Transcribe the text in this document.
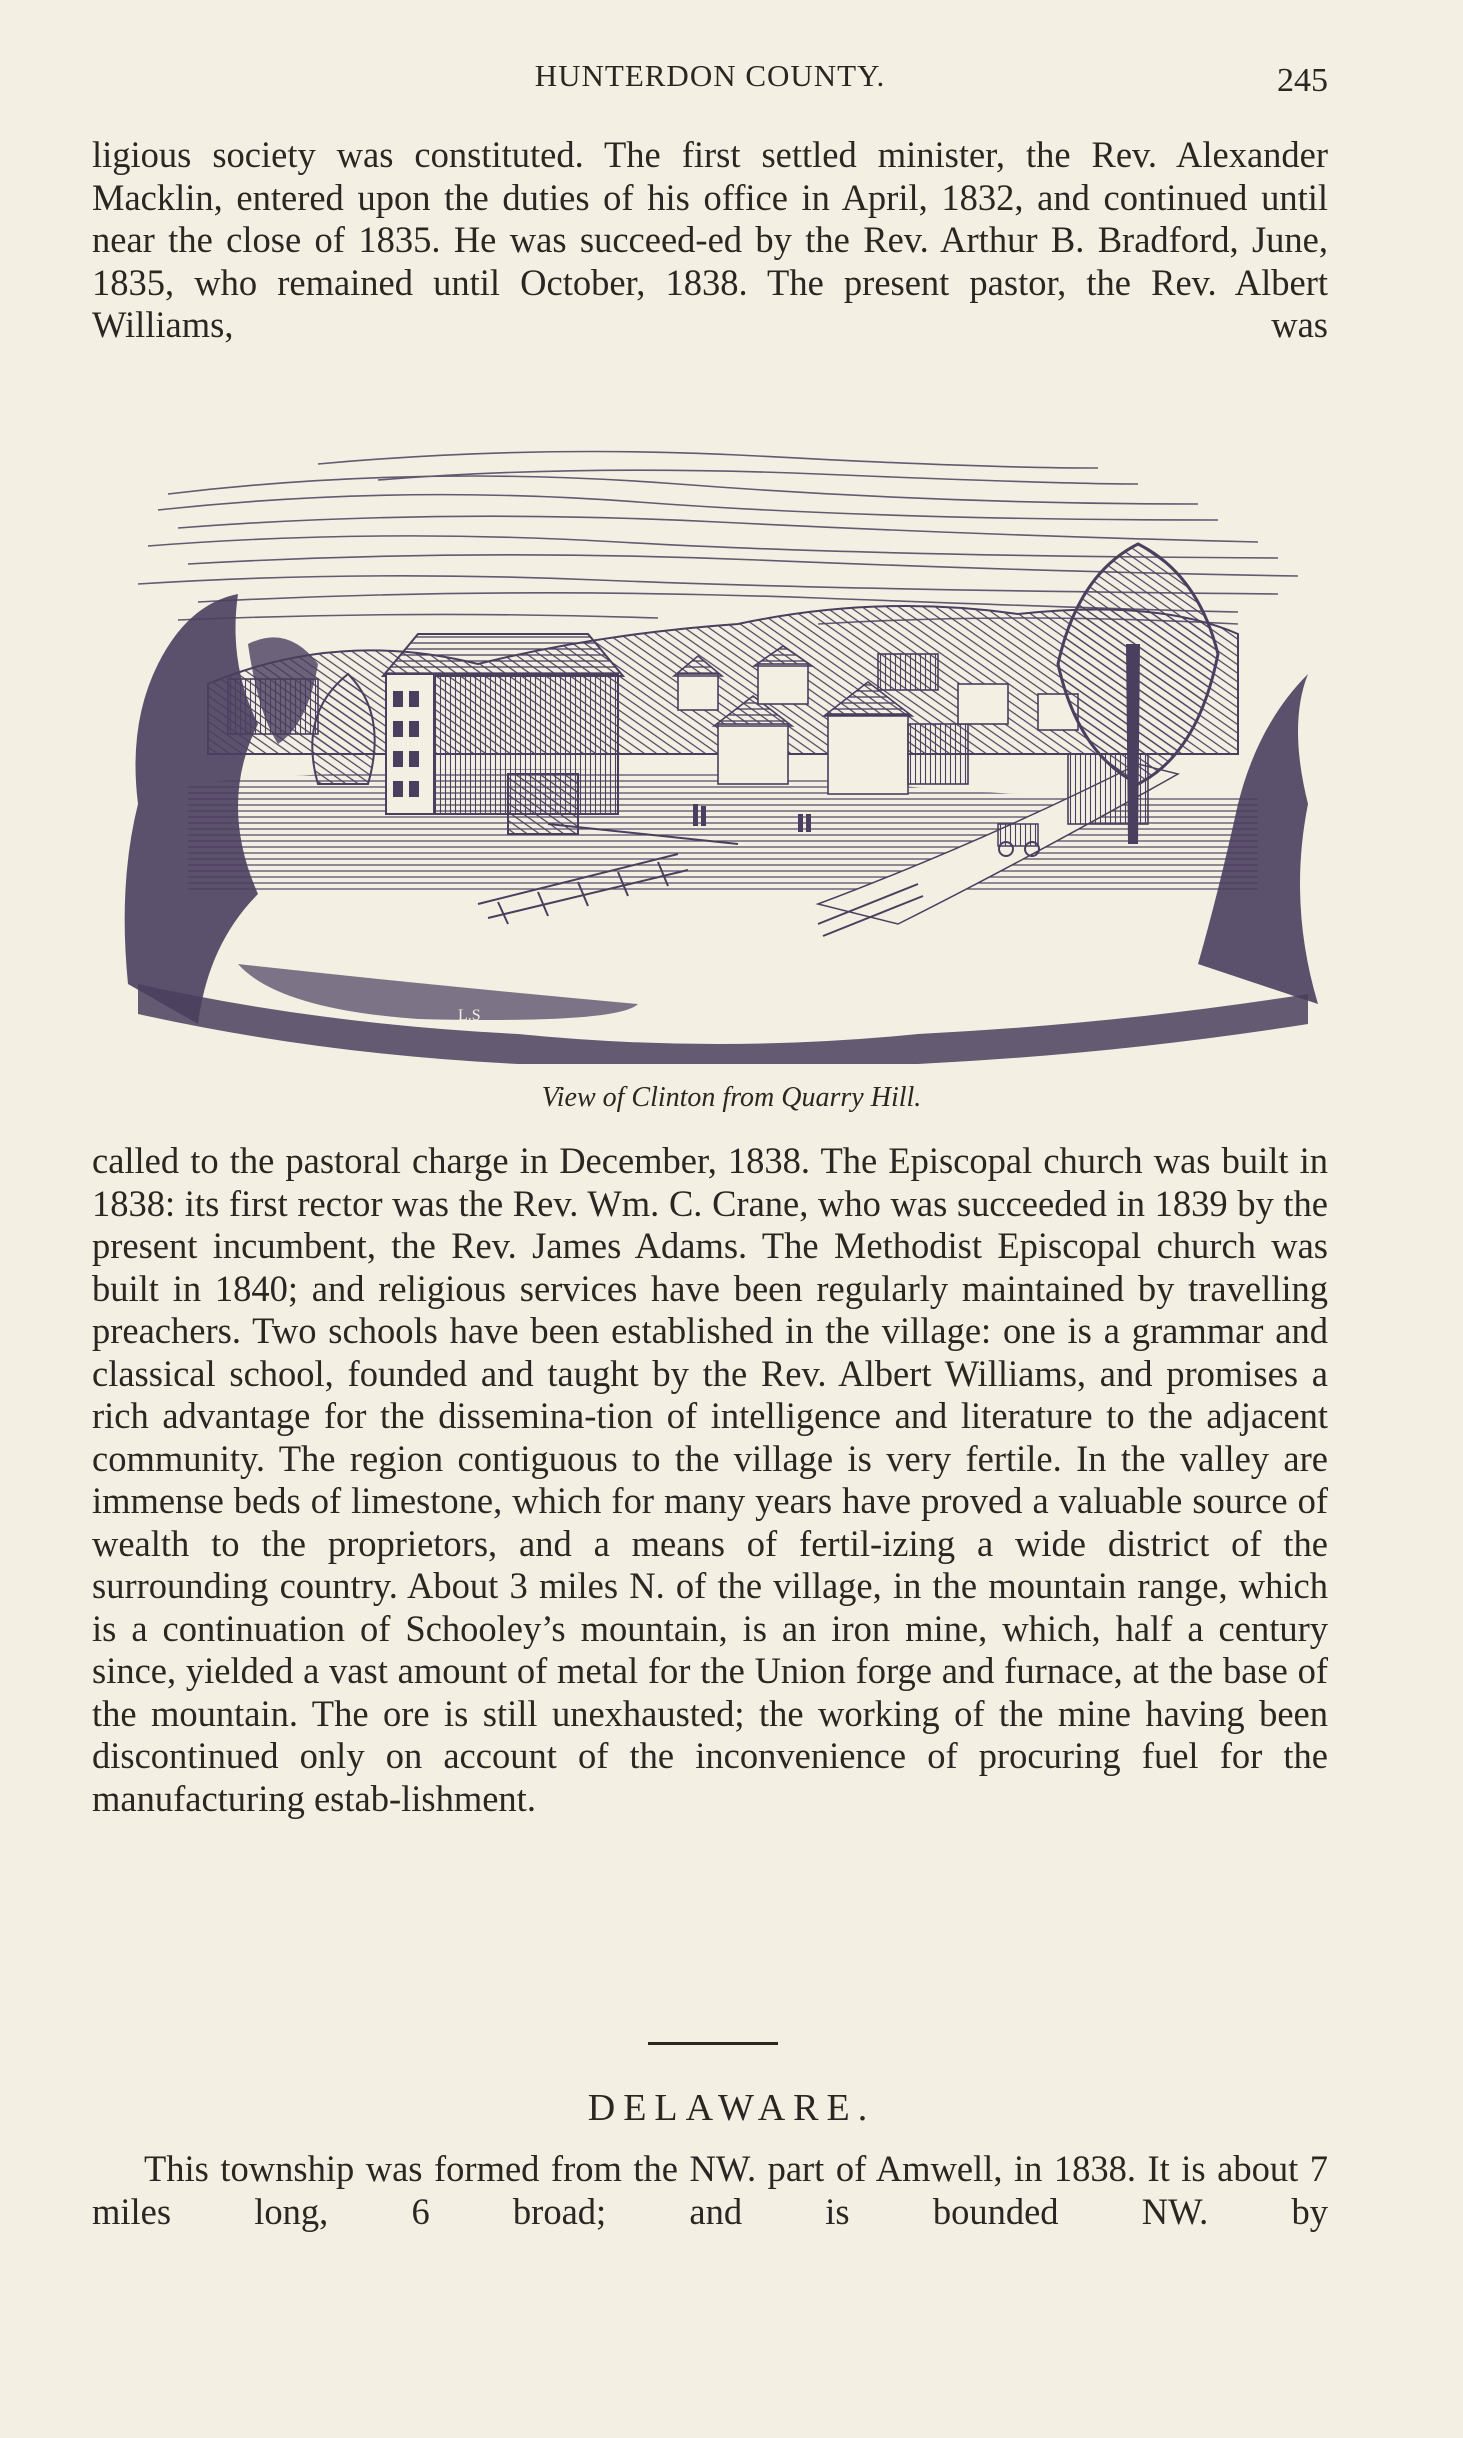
HUNTERDON COUNTY.	245

ligious society was constituted. The first settled minister, the Rev. Alexander Macklin, entered upon the duties of his office in April, 1832, and continued until near the close of 1835. He was succeed-ed by the Rev. Arthur B. Bradford, June, 1835, who remained until October, 1838. The present pastor, the Rev. Albert Williams, was

L.S
View of Clinton from Quarry Hill.

called to the pastoral charge in December, 1838. The Episcopal church was built in 1838: its first rector was the Rev. Wm. C. Crane, who was succeeded in 1839 by the present incumbent, the Rev. James Adams. The Methodist Episcopal church was built in 1840; and religious services have been regularly maintained by travelling preachers. Two schools have been established in the village: one is a grammar and classical school, founded and taught by the Rev. Albert Williams, and promises a rich advantage for the dissemina-tion of intelligence and literature to the adjacent community. The region contiguous to the village is very fertile. In the valley are immense beds of limestone, which for many years have proved a valuable source of wealth to the proprietors, and a means of fertil-izing a wide district of the surrounding country. About 3 miles N. of the village, in the mountain range, which is a continuation of Schooley’s mountain, is an iron mine, which, half a century since, yielded a vast amount of metal for the Union forge and furnace, at the base of the mountain. The ore is still unexhausted; the working of the mine having been discontinued only on account of the inconvenience of procuring fuel for the manufacturing estab-lishment.

DELAWARE.

This township was formed from the NW. part of Amwell, in 1838. It is about 7 miles long, 6 broad; and is bounded NW. by
